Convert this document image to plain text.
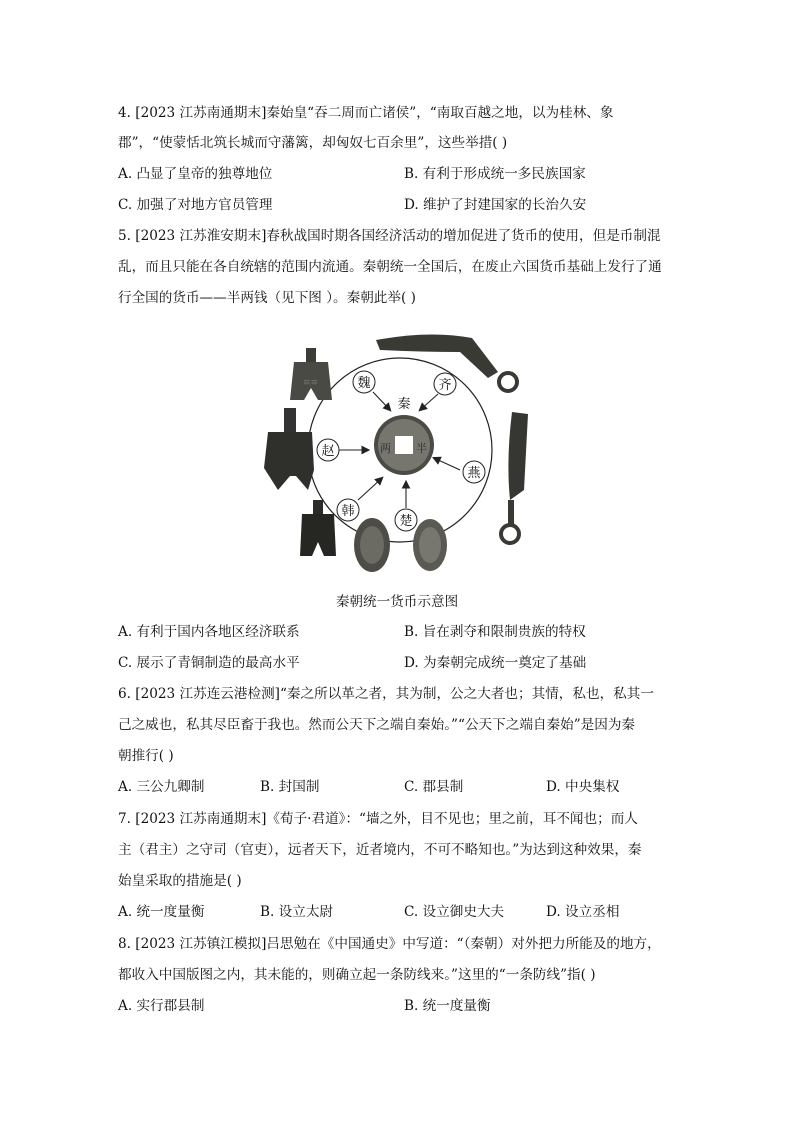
4. [2023 江苏南通期末]秦始皇“吞二周而亡诸侯”，“南取百越之地，以为桂林、象
郡”，“使蒙恬北筑长城而守藩篱，却匈奴七百余里”，这些举措( )
A. 凸显了皇帝的独尊地位	B. 有利于形成统一多民族国家
C. 加强了对地方官员管理	D. 维护了封建国家的长治久安
5. [2023 江苏淮安期末]春秋战国时期各国经济活动的增加促进了货币的使用，但是币制混
乱，而且只能在各自统辖的范围内流通。秦朝统一全国后，在废止六国货币基础上发行了通
行全国的货币——半两钱（见下图 ）。秦朝此举( )
≡≡
两 半
魏	齐
赵
燕
韩
楚
秦
秦朝统一货币示意图
A. 有利于国内各地区经济联系	B. 旨在剥夺和限制贵族的特权
C. 展示了青铜制造的最高水平	D. 为秦朝完成统一奠定了基础
6. [2023 江苏连云港检测]“秦之所以革之者，其为制，公之大者也；其情，私也，私其一
己之威也，私其尽臣畜于我也。然而公天下之端自秦始。”“公天下之端自秦始”是因为秦
朝推行( )
A. 三公九卿制	B. 封国制	C. 郡县制	D. 中央集权
7. [2023 江苏南通期末]《荀子·君道》：“墙之外，目不见也；里之前，耳不闻也；而人
主（君主）之守司（官吏），远者天下，近者境内，不可不略知也。”为达到这种效果，秦
始皇采取的措施是( )
A. 统一度量衡	B. 设立太尉	C. 设立御史大夫	D. 设立丞相
8. [2023 江苏镇江模拟]吕思勉在《中国通史》中写道：“（秦朝）对外把力所能及的地方，
都收入中国版图之内，其未能的，则确立起一条防线来。”这里的“一条防线”指( )
A. 实行郡县制	B. 统一度量衡
